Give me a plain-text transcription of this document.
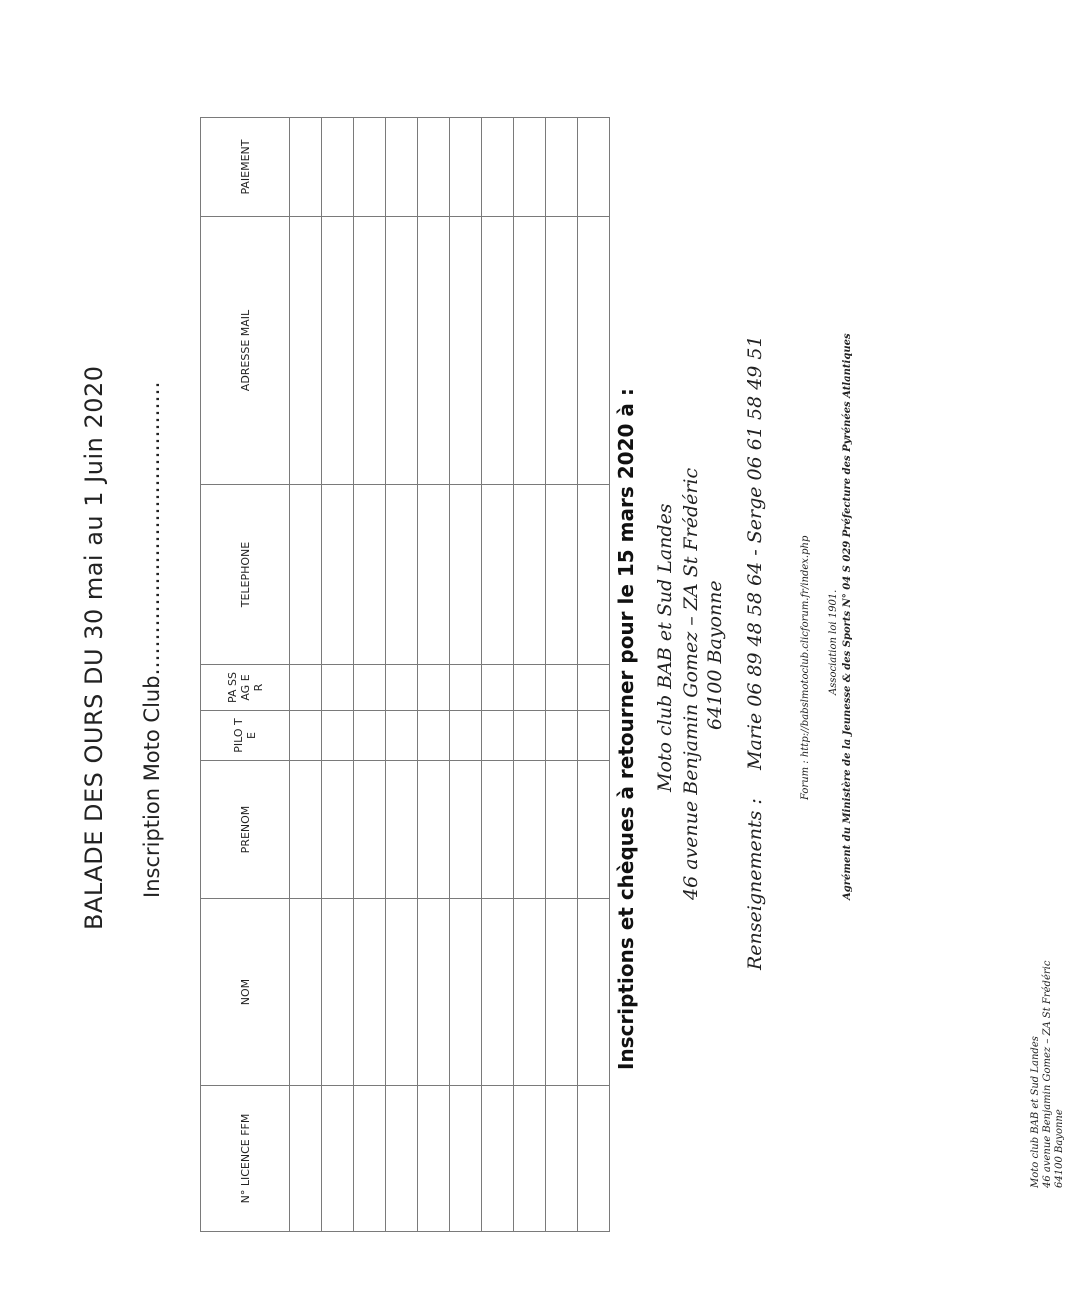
BALADE DES OURS DU 30 mai au 1 Juin 2020 Inscription Moto Club……………………………………
N° LICENCE FFM	NOM	PRENOM	PILO TE	PA SS AG ER	TELEPHONE	ADRESSE MAIL	PAIEMENT

Inscriptions et chèques à retourner pour le 15 mars 2020 à : Moto club BAB et Sud Landes 46 avenue Benjamin Gomez – ZA St Frédéric 64100 Bayonne
Renseignements :
Marie 06 89 48 58 64 - Serge 06 61 58 49 51
Moto club BAB et Sud Landes 46 avenue Benjamin Gomez – ZA St Frédéric 64100 Bayonne
Forum : http://babslmotoclub.clicforum.fr/index.php Association loi 1901. Agrément du Ministère de la Jeunesse & des Sports N° 04 S 029 Préfecture des Pyrénées Atlantiques
